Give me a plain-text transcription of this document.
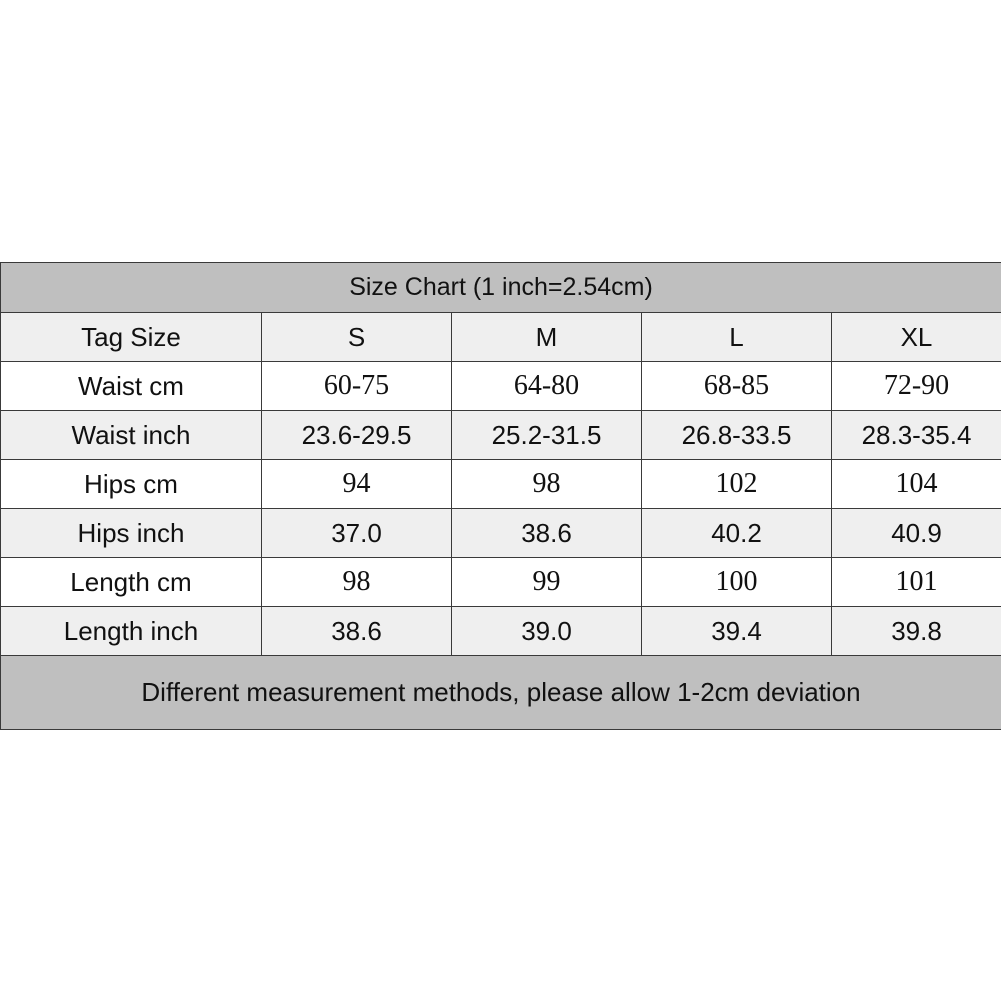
Size Chart (1 inch=2.54cm)				
Tag Size	S	M	L	XL
Waist cm	60-75	64-80	68-85	72-90
Waist inch	23.6-29.5	25.2-31.5	26.8-33.5	28.3-35.4
Hips cm	94	98	102	104
Hips inch	37.0	38.6	40.2	40.9
Length cm	98	99	100	101
Length inch	38.6	39.0	39.4	39.8
Different measurement methods, please allow 1-2cm deviation				
